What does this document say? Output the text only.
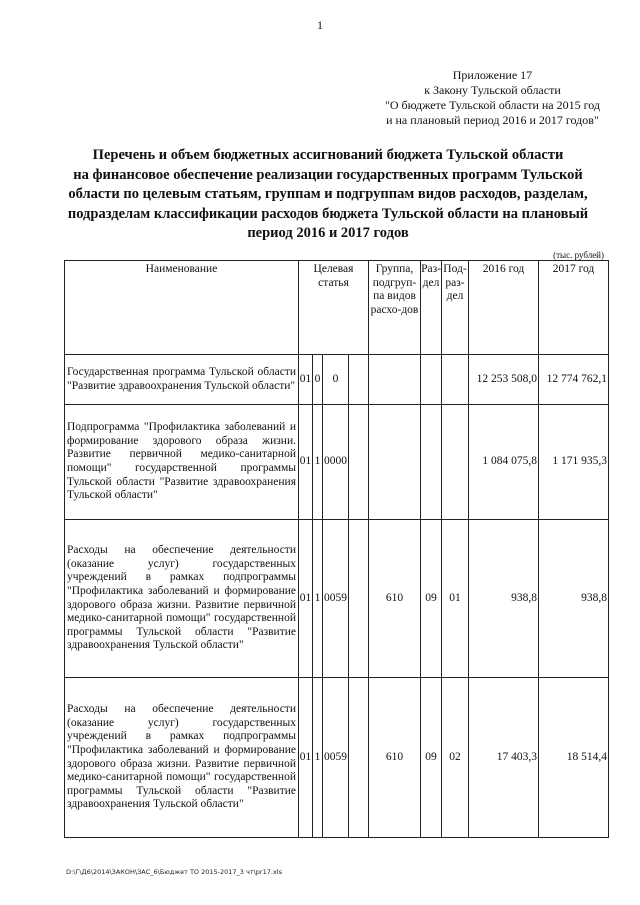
1
Приложение 17
к Закону Тульской области
"О бюджете Тульской области на 2015 год
и на плановый период 2016 и 2017 годов"
Перечень и объем бюджетных ассигнований бюджета Тульской области
на финансовое обеспечение реализации государственных программ Тульской
области по целевым статьям, группам и подгруппам видов расходов, разделам,
подразделам классификации расходов бюджета Тульской области на плановый
период 2016 и 2017 годов
(тыс. рублей)
Наименование	Целевая статья				Группа, подгруп-па видов расхо-дов	Раз-дел	Под-раз-дел	2016 год	2017 год
Государственная программа Тульской области "Развитие здравоохранения Тульской области"	01	0	0					12 253 508,0	12 774 762,1
Подпрограмма "Профилактика заболеваний и формирование здорового образа жизни. Развитие первичной медико-санитарной помощи" государственной программы Тульской области "Развитие здравоохранения Тульской области"	01	1	0000					1 084 075,8	1 171 935,3
Расходы на обеспечение деятельности (оказание услуг) государственных учреждений в рамках подпрограммы "Профилактика заболеваний и формирование здорового образа жизни. Развитие первичной медико-санитарной помощи" государственной программы Тульской области "Развитие здравоохранения Тульской области"	01	1	0059		610	09	01	938,8	938,8
Расходы на обеспечение деятельности (оказание услуг) государственных учреждений в рамках подпрограммы "Профилактика заболеваний и формирование здорового образа жизни. Развитие первичной медико-санитарной помощи" государственной программы Тульской области "Развитие здравоохранения Тульской области"	01	1	0059		610	09	02	17 403,3	18 514,4
D:\Г\Д6\2014\ЗАКОН\ЗАС_6\Бюджет ТО 2015-2017_3 чт\pr17.xls
